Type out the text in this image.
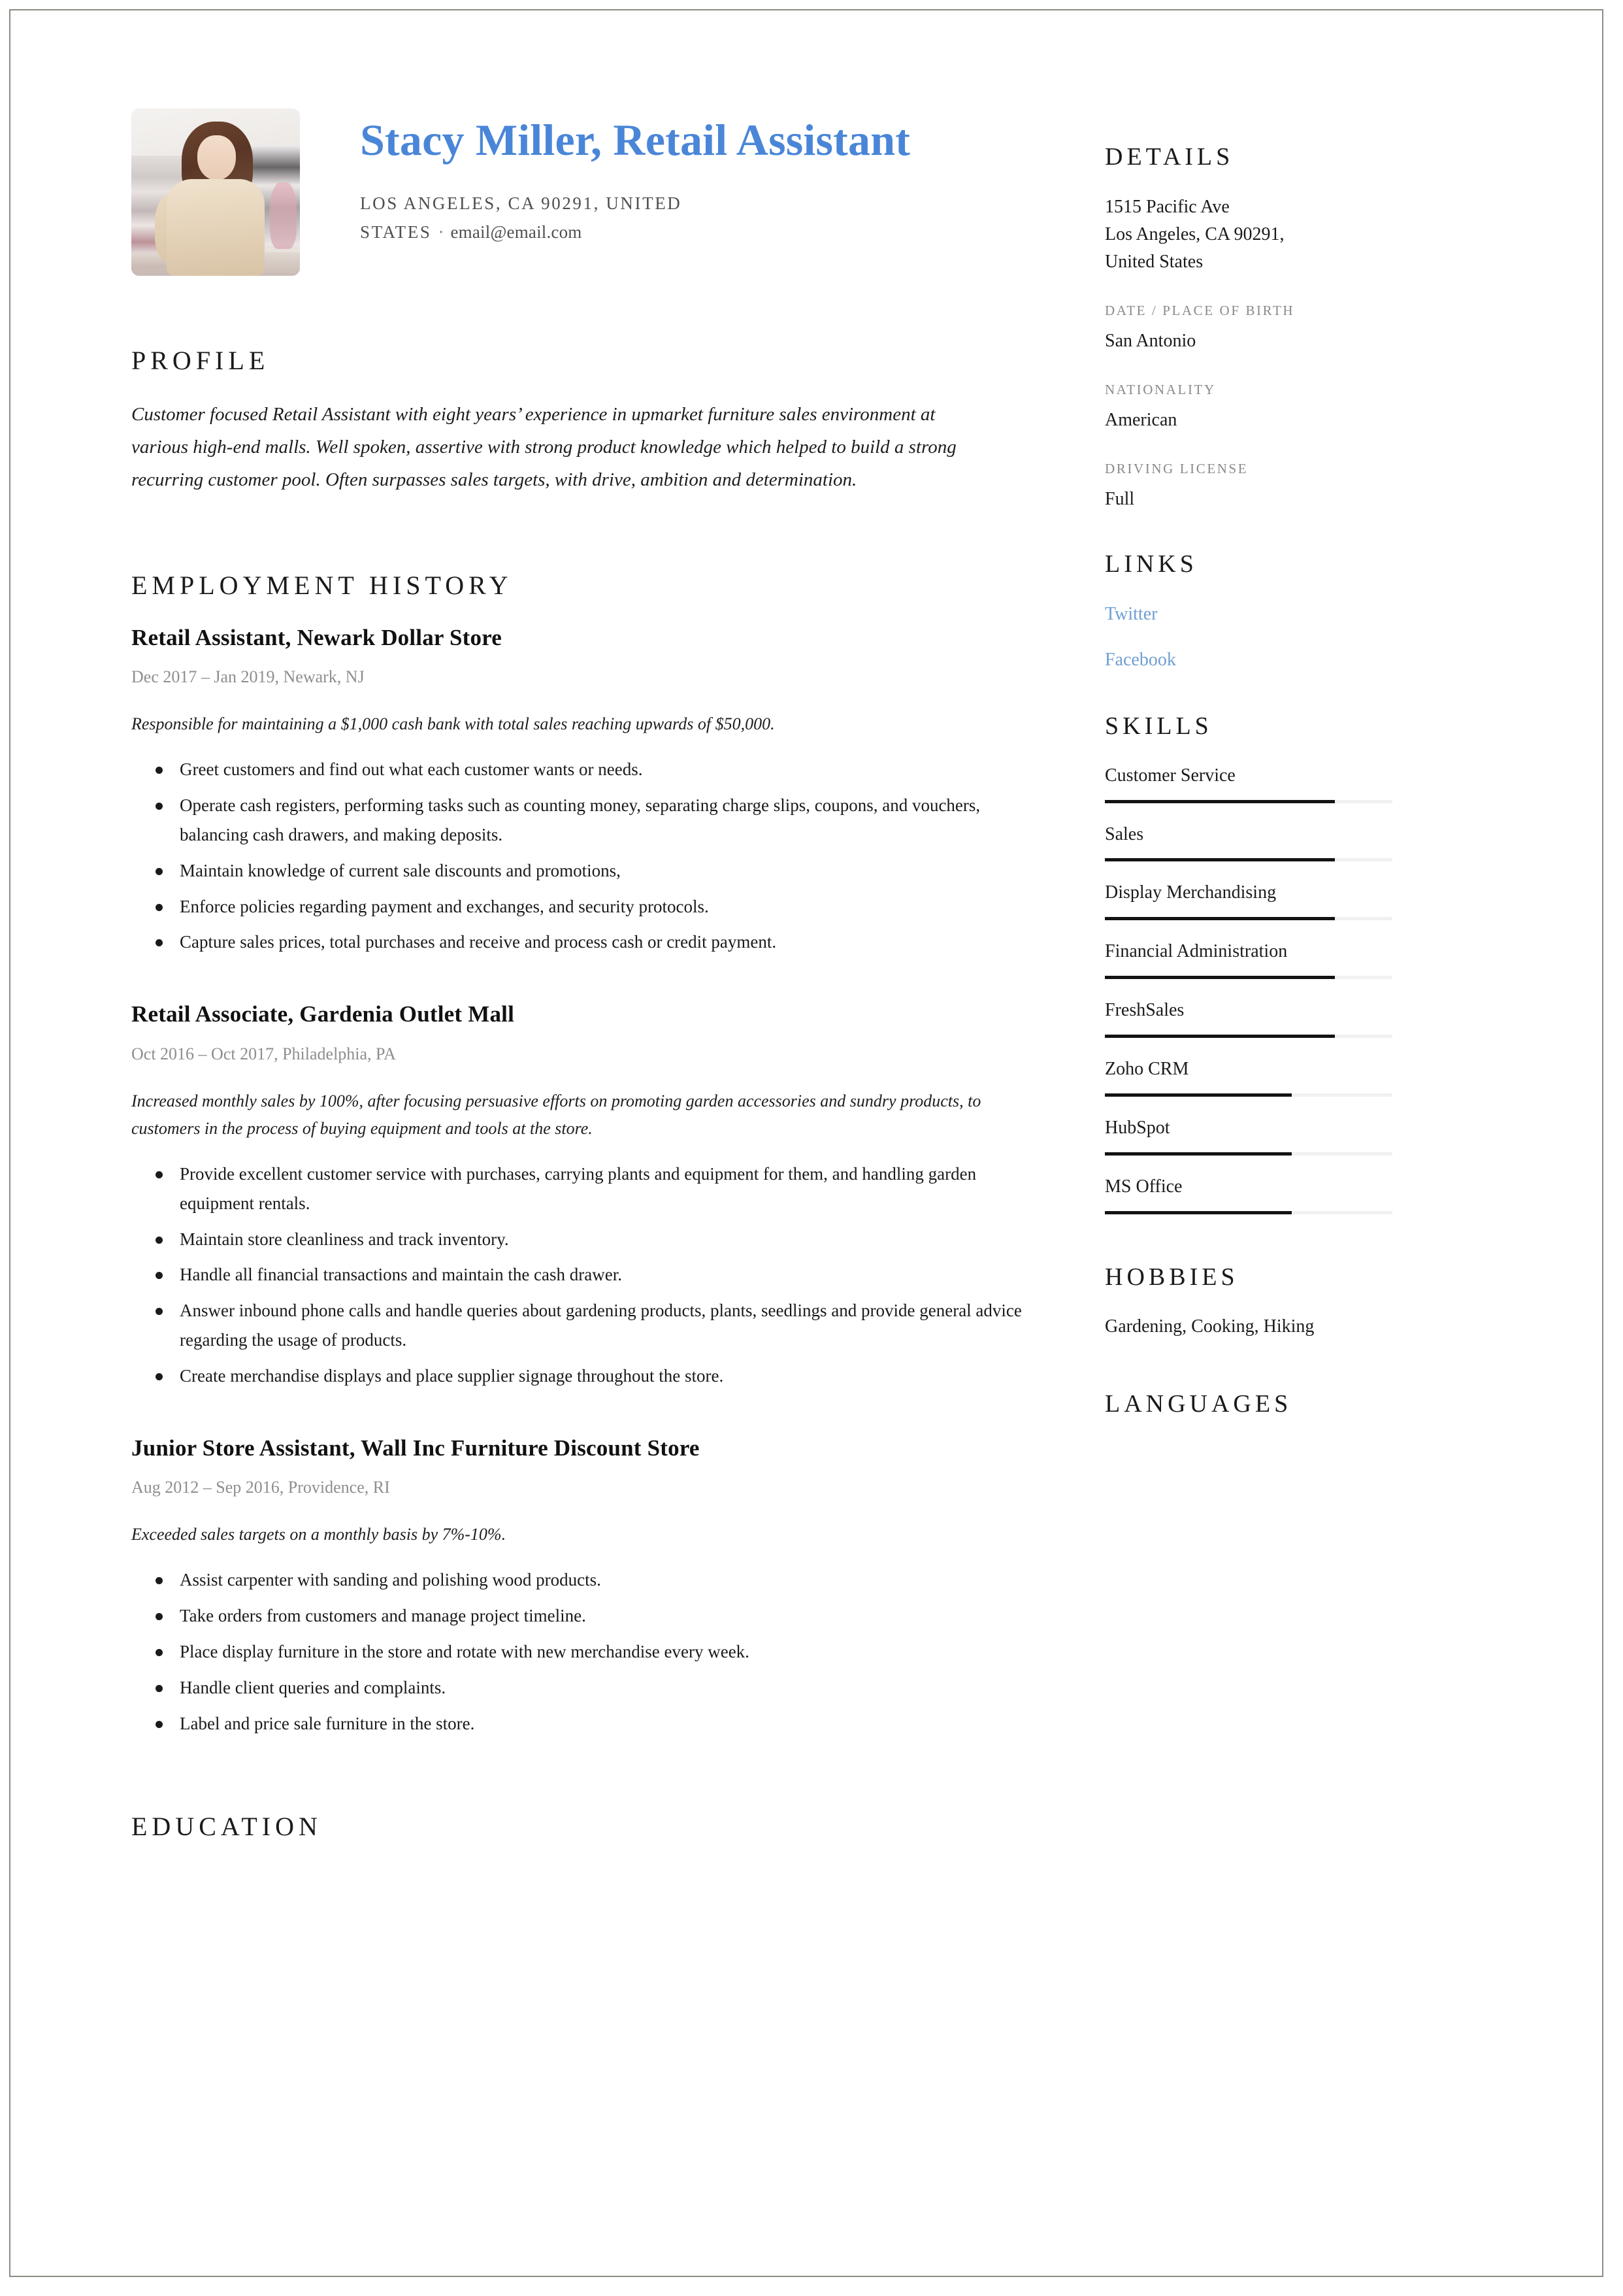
Stacy Miller, Retail Assistant
LOS ANGELES, CA 90291, UNITED STATES · email@email.com
PROFILE

Customer focused Retail Assistant with eight years’ experience in upmarket furniture sales environment at various high-end malls. Well spoken, assertive with strong product knowledge which helped to build a strong recurring customer pool. Often surpasses sales targets, with drive, ambition and determination.

EMPLOYMENT HISTORY
Retail Assistant, Newark Dollar Store

Dec 2017 – Jan 2019, Newark, NJ

Responsible for maintaining a $1,000 cash bank with total sales reaching upwards of $50,000.

Greet customers and find out what each customer wants or needs.
Operate cash registers, performing tasks such as counting money, separating charge slips, coupons, and vouchers, balancing cash drawers, and making deposits.
Maintain knowledge of current sale discounts and promotions,
Enforce policies regarding payment and exchanges, and security protocols.
Capture sales prices, total purchases and receive and process cash or credit payment.
Retail Associate, Gardenia Outlet Mall

Oct 2016 – Oct 2017, Philadelphia, PA

Increased monthly sales by 100%, after focusing persuasive efforts on promoting garden accessories and sundry products, to customers in the process of buying equipment and tools at the store.

Provide excellent customer service with purchases, carrying plants and equipment for them, and handling garden equipment rentals.
Maintain store cleanliness and track inventory.
Handle all financial transactions and maintain the cash drawer.
Answer inbound phone calls and handle queries about gardening products, plants, seedlings and provide general advice regarding the usage of products.
Create merchandise displays and place supplier signage throughout the store.
Junior Store Assistant, Wall Inc Furniture Discount Store

Aug 2012 – Sep 2016, Providence, RI

Exceeded sales targets on a monthly basis by 7%-10%.

Assist carpenter with sanding and polishing wood products.
Take orders from customers and manage project timeline.
Place display furniture in the store and rotate with new merchandise every week.
Handle client queries and complaints.
Label and price sale furniture in the store.
EDUCATION
DETAILS

1515 Pacific Ave

Los Angeles, CA 90291,

United States

DATE / PLACE OF BIRTH

San Antonio

NATIONALITY

American

DRIVING LICENSE

Full

LINKS
Twitter
Facebook
SKILLS

Customer Service

Sales

Display Merchandising

Financial Administration

FreshSales

Zoho CRM

HubSpot

MS Office

HOBBIES

Gardening, Cooking, Hiking

LANGUAGES
